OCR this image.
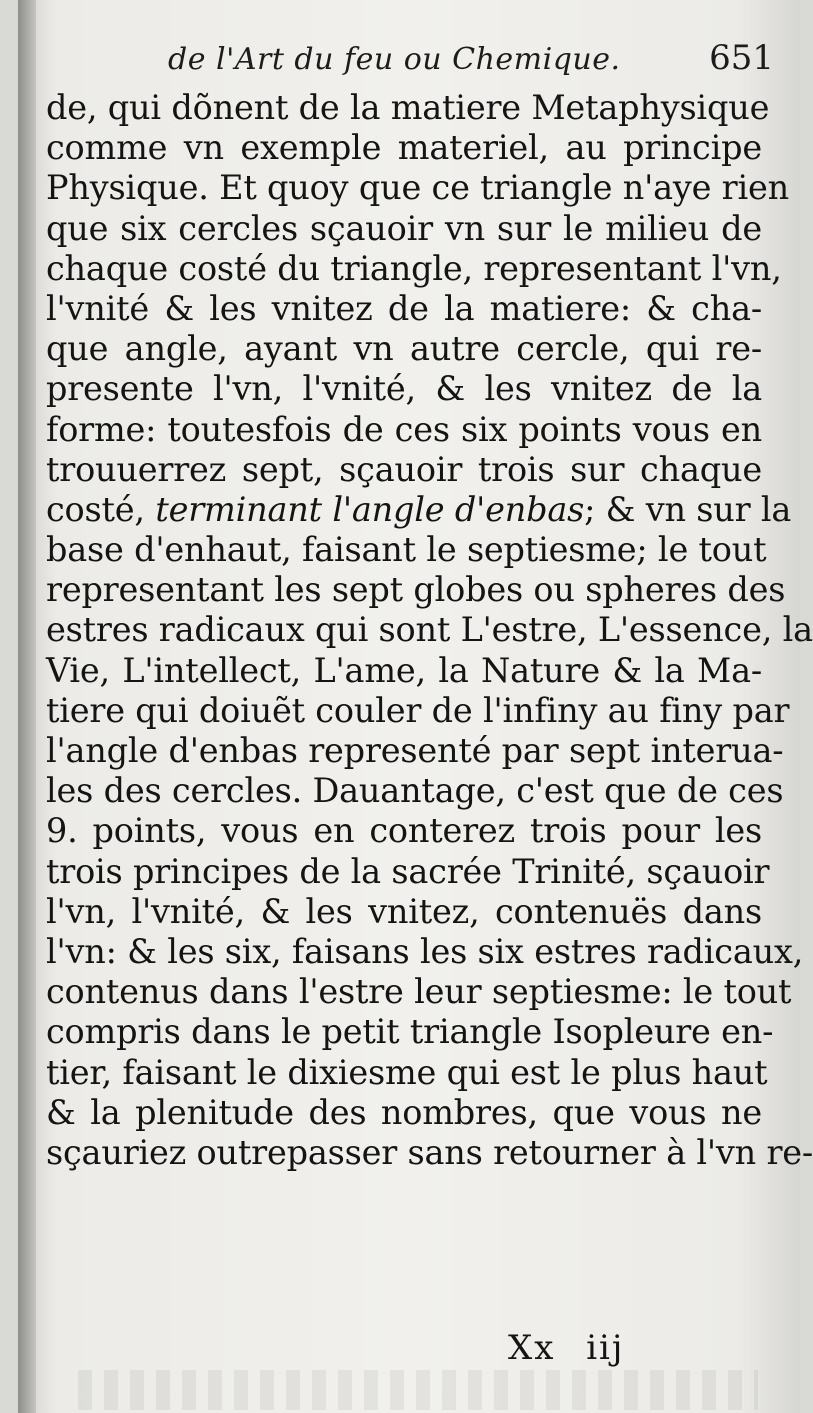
de l'Art du feu ou Chemique.	651
de, qui dõnent de la matiere Metaphysique
comme vn exemple materiel, au principe
Physique. Et quoy que ce triangle n'aye rien
que six cercles sçauoir vn sur le milieu de
chaque costé du triangle, representant l'vn,
l'vnité & les vnitez de la matiere: & cha-
que angle, ayant vn autre cercle, qui re-
presente l'vn, l'vnité, & les vnitez de la
forme: toutesfois de ces six points vous en
trouuerrez sept, sçauoir trois sur chaque
costé, terminant l'angle d'enbas; & vn sur la
base d'enhaut, faisant le septiesme; le tout
representant les sept globes ou spheres des
estres radicaux qui sont L'estre, L'essence, la
Vie, L'intellect, L'ame, la Nature & la Ma-
tiere qui doiuẽt couler de l'infiny au finy par
l'angle d'enbas representé par sept interua-
les des cercles. Dauantage, c'est que de ces
9. points, vous en conterez trois pour les
trois principes de la sacrée Trinité, sçauoir
l'vn, l'vnité, & les vnitez, contenuës dans
l'vn: & les six, faisans les six estres radicaux,
contenus dans l'estre leur septiesme: le tout
compris dans le petit triangle Isopleure en-
tier, faisant le dixiesme qui est le plus haut
& la plenitude des nombres, que vous ne
sçauriez outrepasser sans retourner à l'vn re-
Xx iij
